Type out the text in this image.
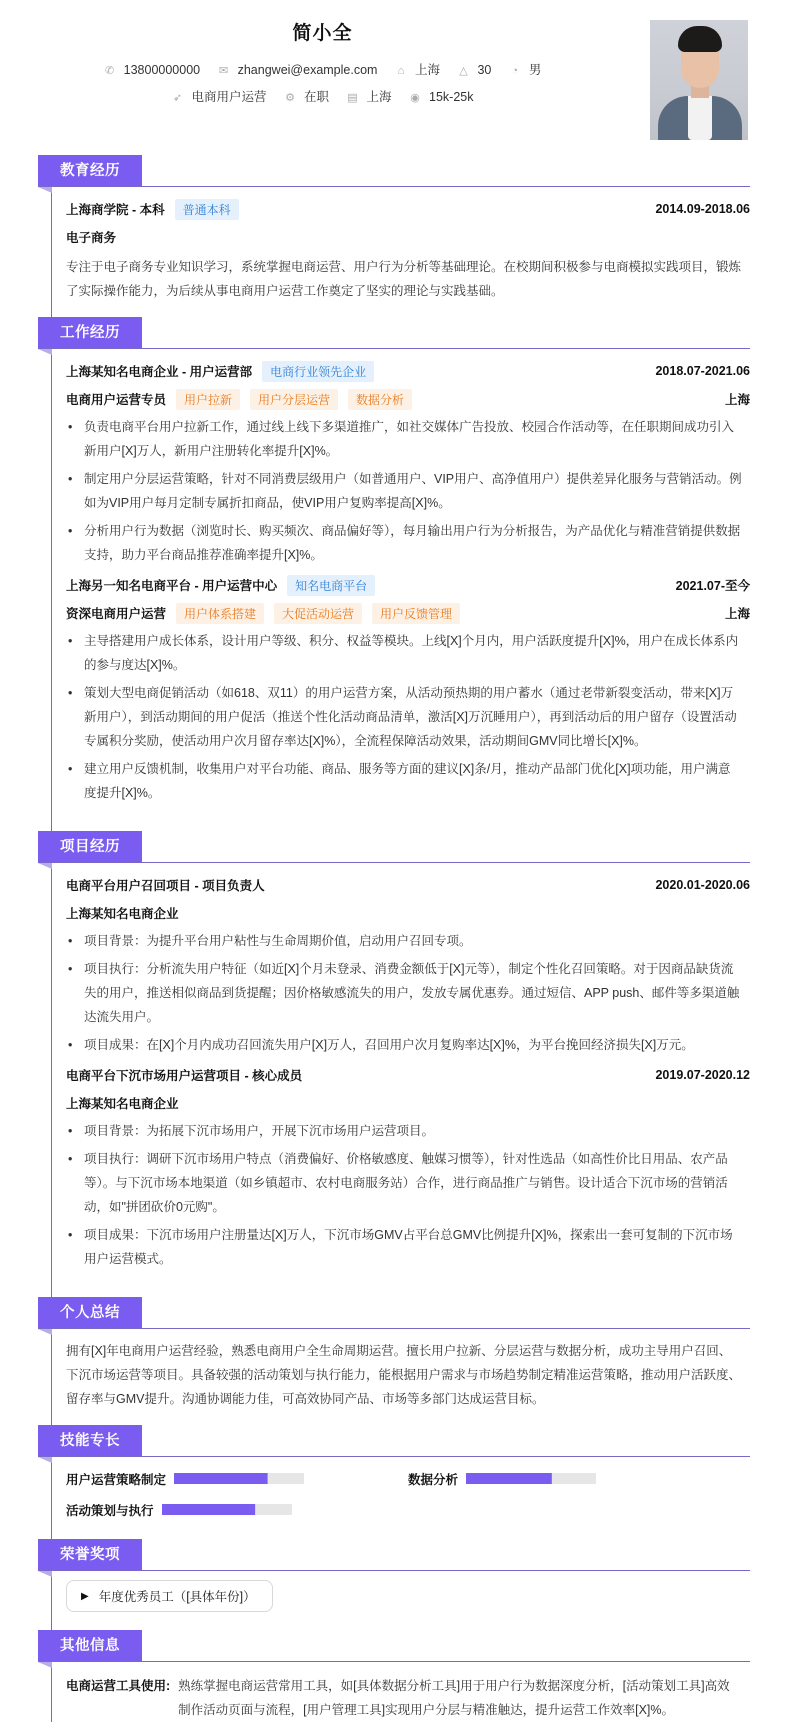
简小全
✆ 13800000000 ✉ zhangwei@example.com ⌂ 上海 △ 30 ◔ 男
➶ 电商用户运营 ⚙ 在职 ▤ 上海 ◉ 15k-25k
教育经历
上海商学院 - 本科	普通本科	2014.09-2018.06
电子商务
专注于电子商务专业知识学习，系统掌握电商运营、用户行为分析等基础理论。在校期间积极参与电商模拟实践项目，锻炼了实际操作能力，为后续从事电商用户运营工作奠定了坚实的理论与实践基础。
工作经历
上海某知名电商企业 - 用户运营部	电商行业领先企业	2018.07-2021.06
电商用户运营专员	用户拉新	用户分层运营	数据分析	上海
• 负责电商平台用户拉新工作，通过线上线下多渠道推广，如社交媒体广告投放、校园合作活动等，在任职期间成功引入新用户[X]万人，新用户注册转化率提升[X]%。
• 制定用户分层运营策略，针对不同消费层级用户（如普通用户、VIP用户、高净值用户）提供差异化服务与营销活动。例如为VIP用户每月定制专属折扣商品，使VIP用户复购率提高[X]%。
• 分析用户行为数据（浏览时长、购买频次、商品偏好等），每月输出用户行为分析报告，为产品优化与精准营销提供数据支持，助力平台商品推荐准确率提升[X]%。
上海另一知名电商平台 - 用户运营中心	知名电商平台	2021.07-至今
资深电商用户运营	用户体系搭建	大促活动运营	用户反馈管理	上海
• 主导搭建用户成长体系，设计用户等级、积分、权益等模块。上线[X]个月内，用户活跃度提升[X]%，用户在成长体系内的参与度达[X]%。
• 策划大型电商促销活动（如618、双11）的用户运营方案，从活动预热期的用户蓄水（通过老带新裂变活动，带来[X]万新用户），到活动期间的用户促活（推送个性化活动商品清单，激活[X]万沉睡用户），再到活动后的用户留存（设置活动专属积分奖励，使活动用户次月留存率达[X]%），全流程保障活动效果，活动期间GMV同比增长[X]%。
• 建立用户反馈机制，收集用户对平台功能、商品、服务等方面的建议[X]条/月，推动产品部门优化[X]项功能，用户满意度提升[X]%。
项目经历
电商平台用户召回项目 - 项目负责人	2020.01-2020.06
上海某知名电商企业
• 项目背景：为提升平台用户粘性与生命周期价值，启动用户召回专项。
• 项目执行：分析流失用户特征（如近[X]个月未登录、消费金额低于[X]元等），制定个性化召回策略。对于因商品缺货流失的用户，推送相似商品到货提醒；因价格敏感流失的用户，发放专属优惠券。通过短信、APP push、邮件等多渠道触达流失用户。
• 项目成果：在[X]个月内成功召回流失用户[X]万人，召回用户次月复购率达[X]%，为平台挽回经济损失[X]万元。
电商平台下沉市场用户运营项目 - 核心成员	2019.07-2020.12
上海某知名电商企业
• 项目背景：为拓展下沉市场用户，开展下沉市场用户运营项目。
• 项目执行：调研下沉市场用户特点（消费偏好、价格敏感度、触媒习惯等），针对性选品（如高性价比日用品、农产品等）。与下沉市场本地渠道（如乡镇超市、农村电商服务站）合作，进行商品推广与销售。设计适合下沉市场的营销活动，如"拼团砍价0元购"。
• 项目成果：下沉市场用户注册量达[X]万人，下沉市场GMV占平台总GMV比例提升[X]%，探索出一套可复制的下沉市场用户运营模式。
个人总结
拥有[X]年电商用户运营经验，熟悉电商用户全生命周期运营。擅长用户拉新、分层运营与数据分析，成功主导用户召回、下沉市场运营等项目。具备较强的活动策划与执行能力，能根据用户需求与市场趋势制定精准运营策略，推动用户活跃度、留存率与GMV提升。沟通协调能力佳，可高效协同产品、市场等多部门达成运营目标。
技能专长
用户运营策略制定	数据分析
活动策划与执行
荣誉奖项
▶ 年度优秀员工（[具体年份]）
其他信息
电商运营工具使用: 熟练掌握电商运营常用工具，如[具体数据分析工具]用于用户行为数据深度分析，[活动策划工具]高效制作活动页面与流程，[用户管理工具]实现用户分层与精准触达，提升运营工作效率[X]%。
